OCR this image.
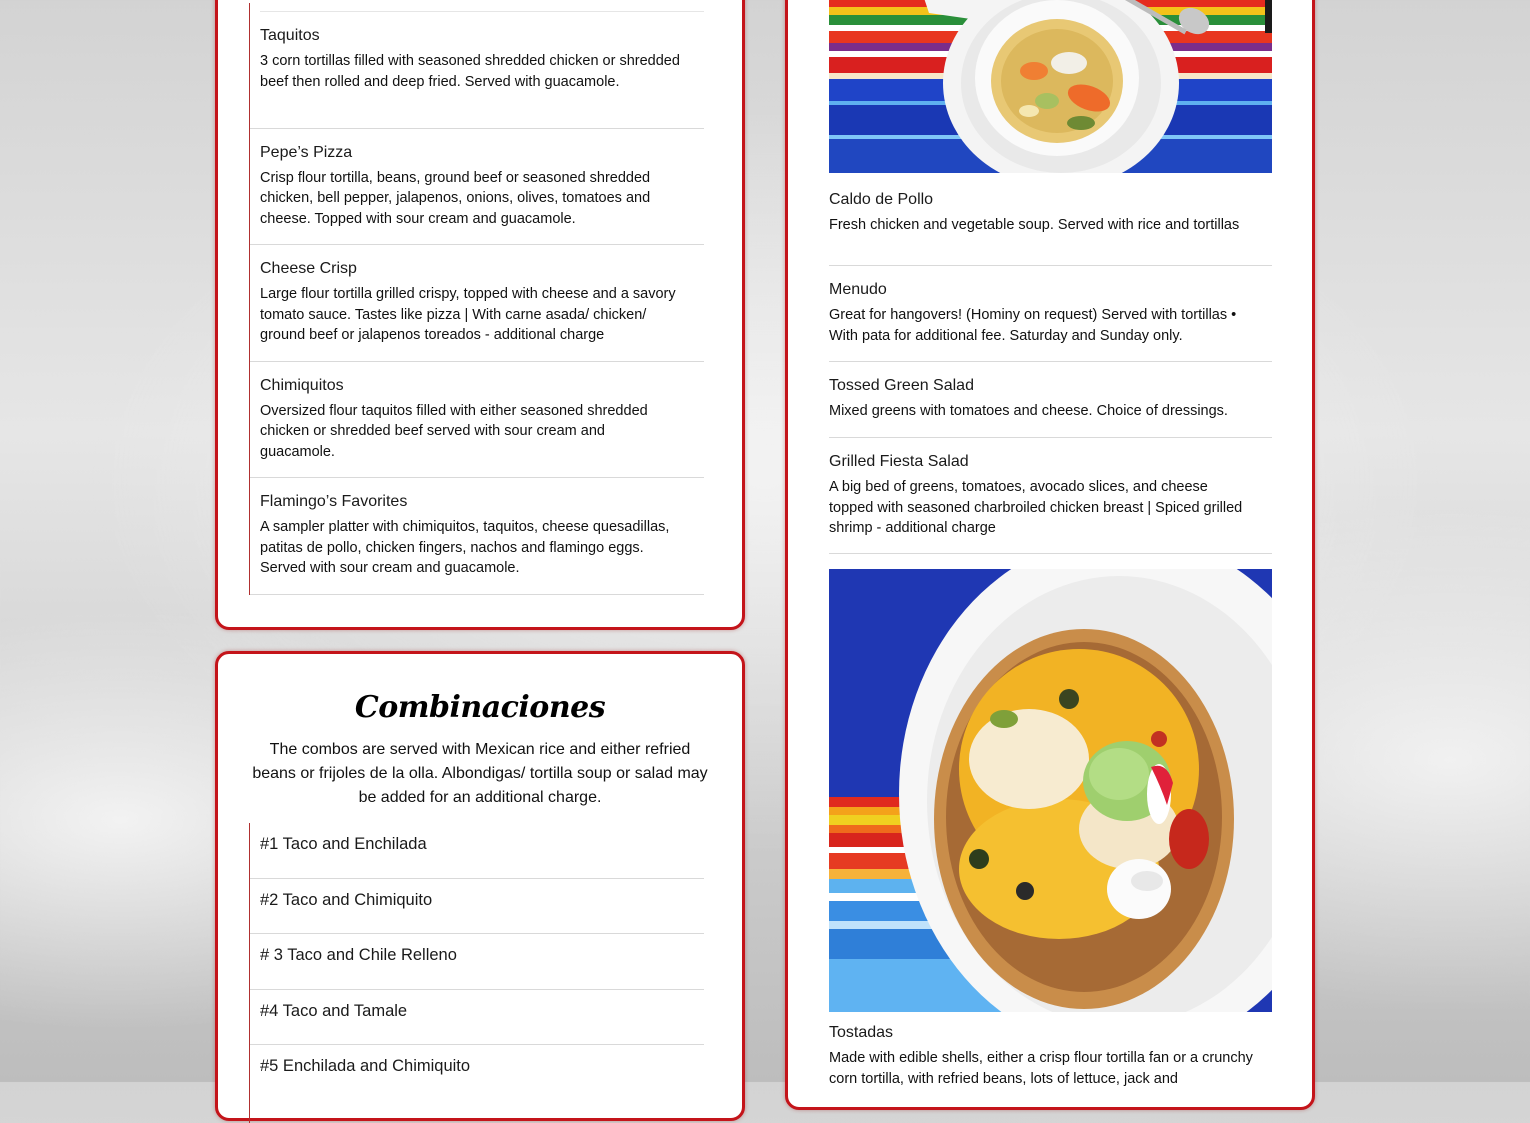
Taquitos

3 corn tortillas filled with seasoned shredded chicken or shredded beef then rolled and deep fried. Served with guacamole.

Pepe’s Pizza

Crisp flour tortilla, beans, ground beef or seasoned shredded chicken, bell pepper, jalapenos, onions, olives, tomatoes and cheese. Topped with sour cream and guacamole.

Cheese Crisp

Large flour tortilla grilled crispy, topped with cheese and a savory tomato sauce. Tastes like pizza | With carne asada/ chicken/ ground beef or jalapenos toreados - additional charge

Chimiquitos

Oversized flour taquitos filled with either seasoned shredded chicken or shredded beef served with sour cream and guacamole.

Flamingo’s Favorites

A sampler platter with chimiquitos, taquitos, cheese quesadillas, patitas de pollo, chicken fingers, nachos and flamingo eggs. Served with sour cream and guacamole.

Combinaciones

The combos are served with Mexican rice and either refried beans or frijoles de la olla. Albondigas/ tortilla soup or salad may be added for an additional charge.

#1 Taco and Enchilada

#2 Taco and Chimiquito

# 3 Taco and Chile Relleno

#4 Taco and Tamale

#5 Enchilada and Chimiquito

Caldo de Pollo

Fresh chicken and vegetable soup. Served with rice and tortillas

Menudo

Great for hangovers! (Hominy on request) Served with tortillas • With pata for additional fee. Saturday and Sunday only.

Tossed Green Salad

Mixed greens with tomatoes and cheese. Choice of dressings.

Grilled Fiesta Salad

A big bed of greens, tomatoes, avocado slices, and cheese topped with seasoned charbroiled chicken breast | Spiced grilled shrimp - additional charge

Tostadas

Made with edible shells, either a crisp flour tortilla fan or a crunchy corn tortilla, with refried beans, lots of lettuce, jack and
